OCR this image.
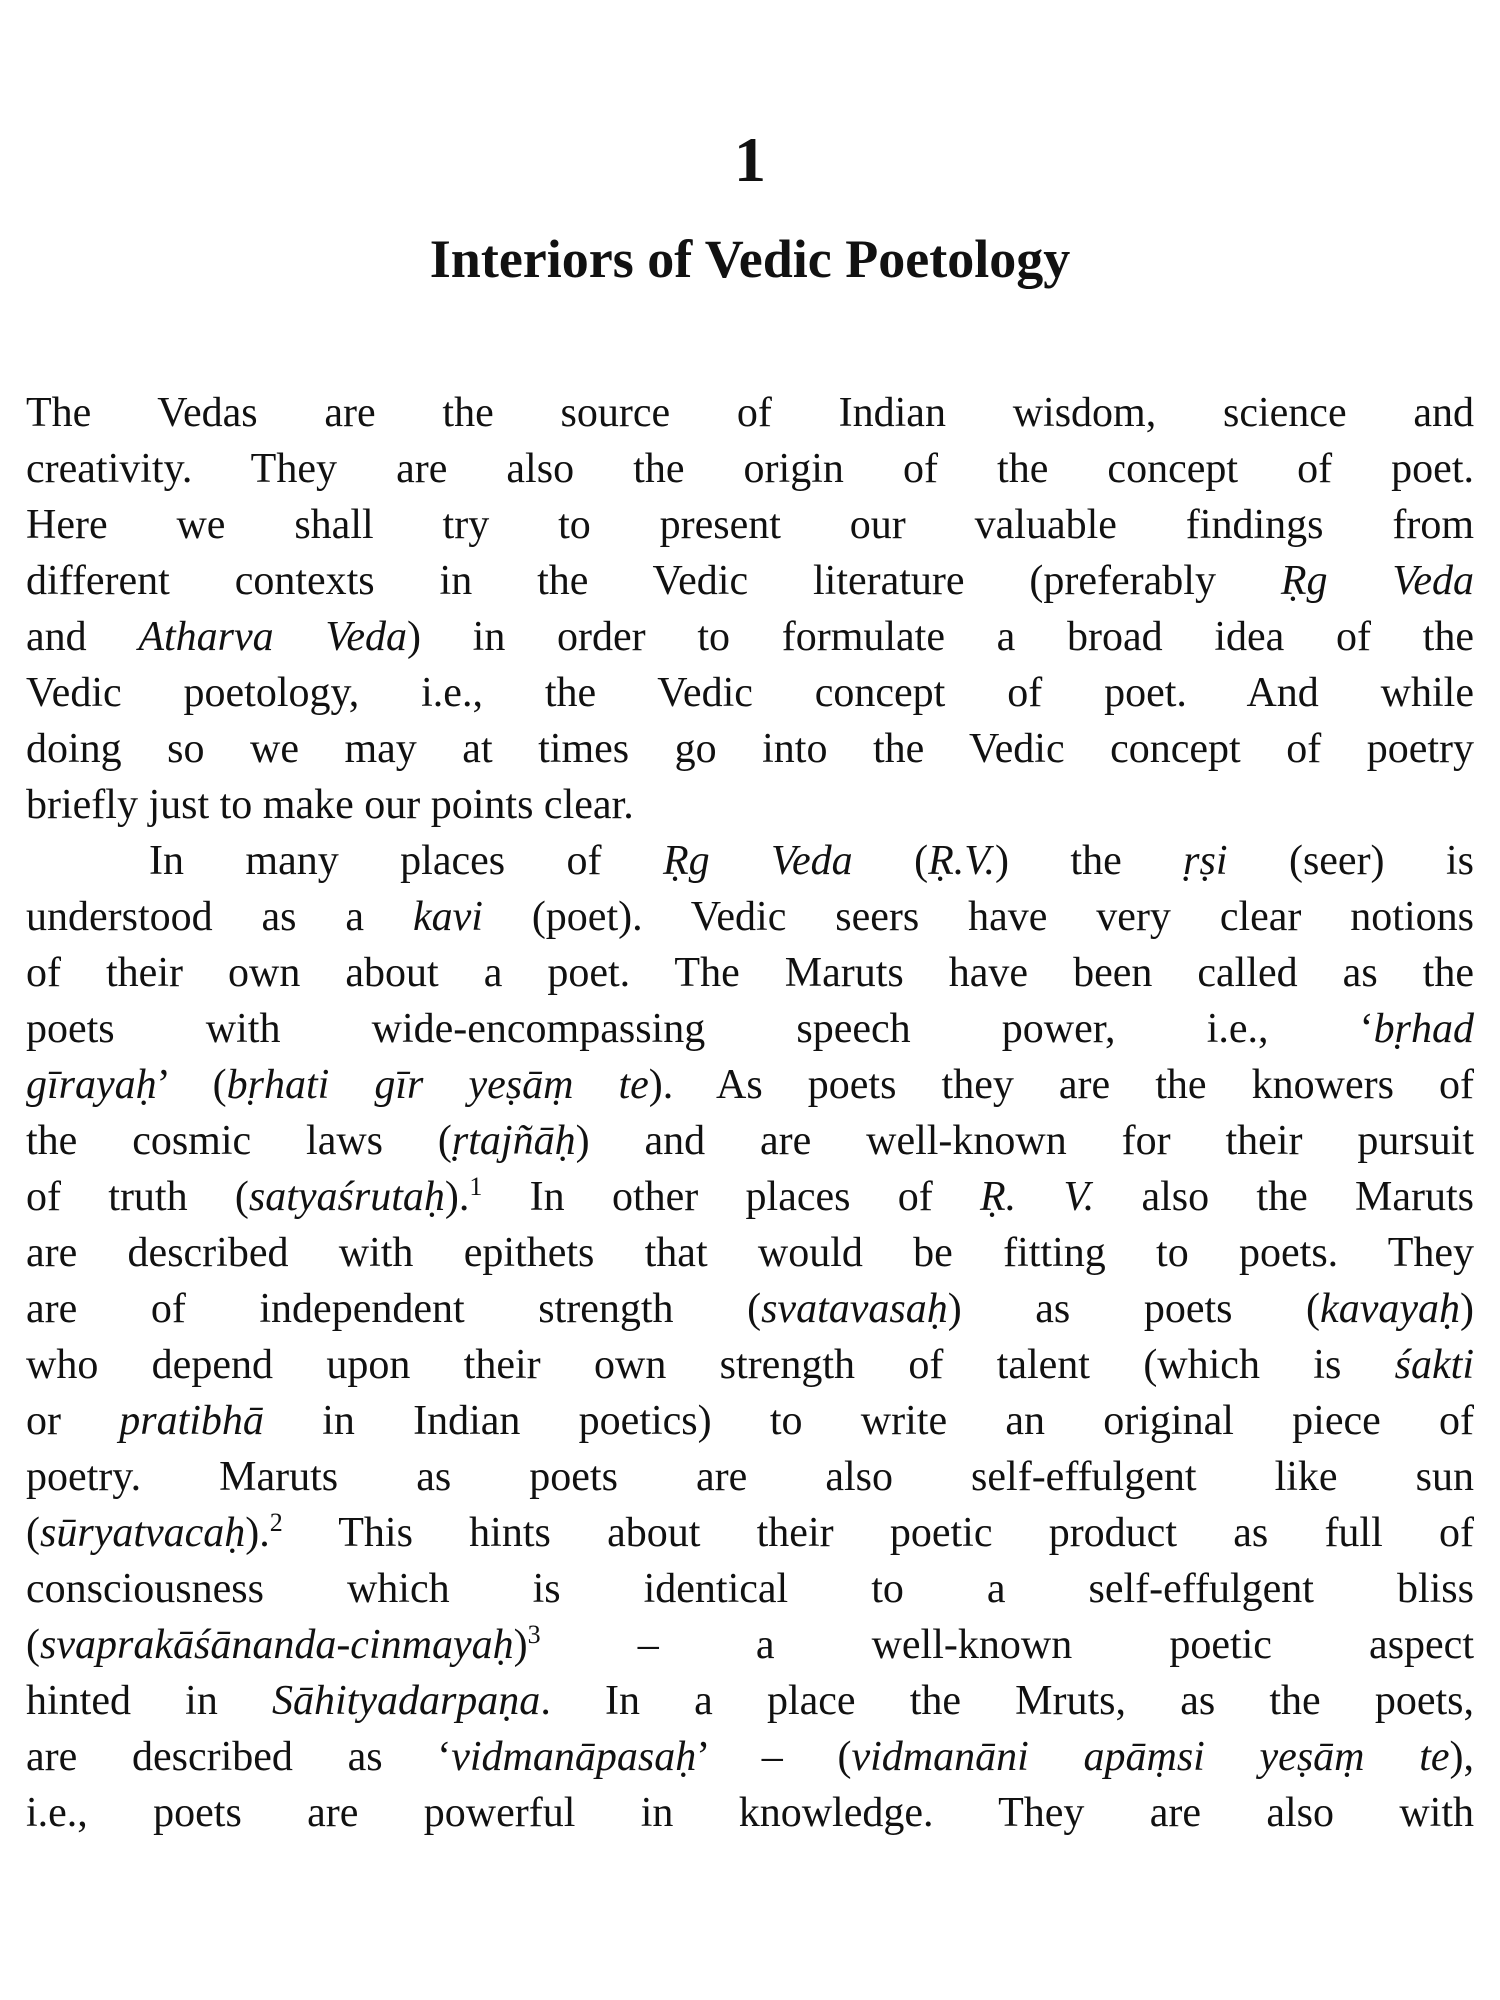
1
Interiors of Vedic Poetology
The Vedas are the source of Indian wisdom, science and
creativity. They are also the origin of the concept of poet.
Here we shall try to present our valuable findings from
different contexts in the Vedic literature (preferably Ṛg Veda
and Atharva Veda) in order to formulate a broad idea of the
Vedic poetology, i.e., the Vedic concept of poet. And while
doing so we may at times go into the Vedic concept of poetry
briefly just to make our points clear.
In many places of Ṛg Veda (Ṛ.V.) the ṛṣi (seer) is
understood as a kavi (poet). Vedic seers have very clear notions
of their own about a poet. The Maruts have been called as the
poets with wide-encompassing speech power, i.e., ‘bṛhad
gīrayaḥ’ (bṛhati gīr yeṣāṃ te). As poets they are the knowers of
the cosmic laws (ṛtajñāḥ) and are well-known for their pursuit
of truth (satyaśrutaḥ).$^1$ In other places of Ṛ. V. also the Maruts
are described with epithets that would be fitting to poets. They
are of independent strength (svatavasaḥ) as poets (kavayaḥ)
who depend upon their own strength of talent (which is śakti
or pratibhā in Indian poetics) to write an original piece of
poetry. Maruts as poets are also self-effulgent like sun
(sūryatvacaḥ).$^2$ This hints about their poetic product as full of
consciousness which is identical to a self-effulgent bliss
(svaprakāśānanda-cinmayaḥ)$^3$ – a well-known poetic aspect
hinted in Sāhityadarpaṇa. In a place the Mruts, as the poets,
are described as ‘vidmanāpasaḥ’ – (vidmanāni apāṃsi yeṣāṃ te),
i.e., poets are powerful in knowledge. They are also with
